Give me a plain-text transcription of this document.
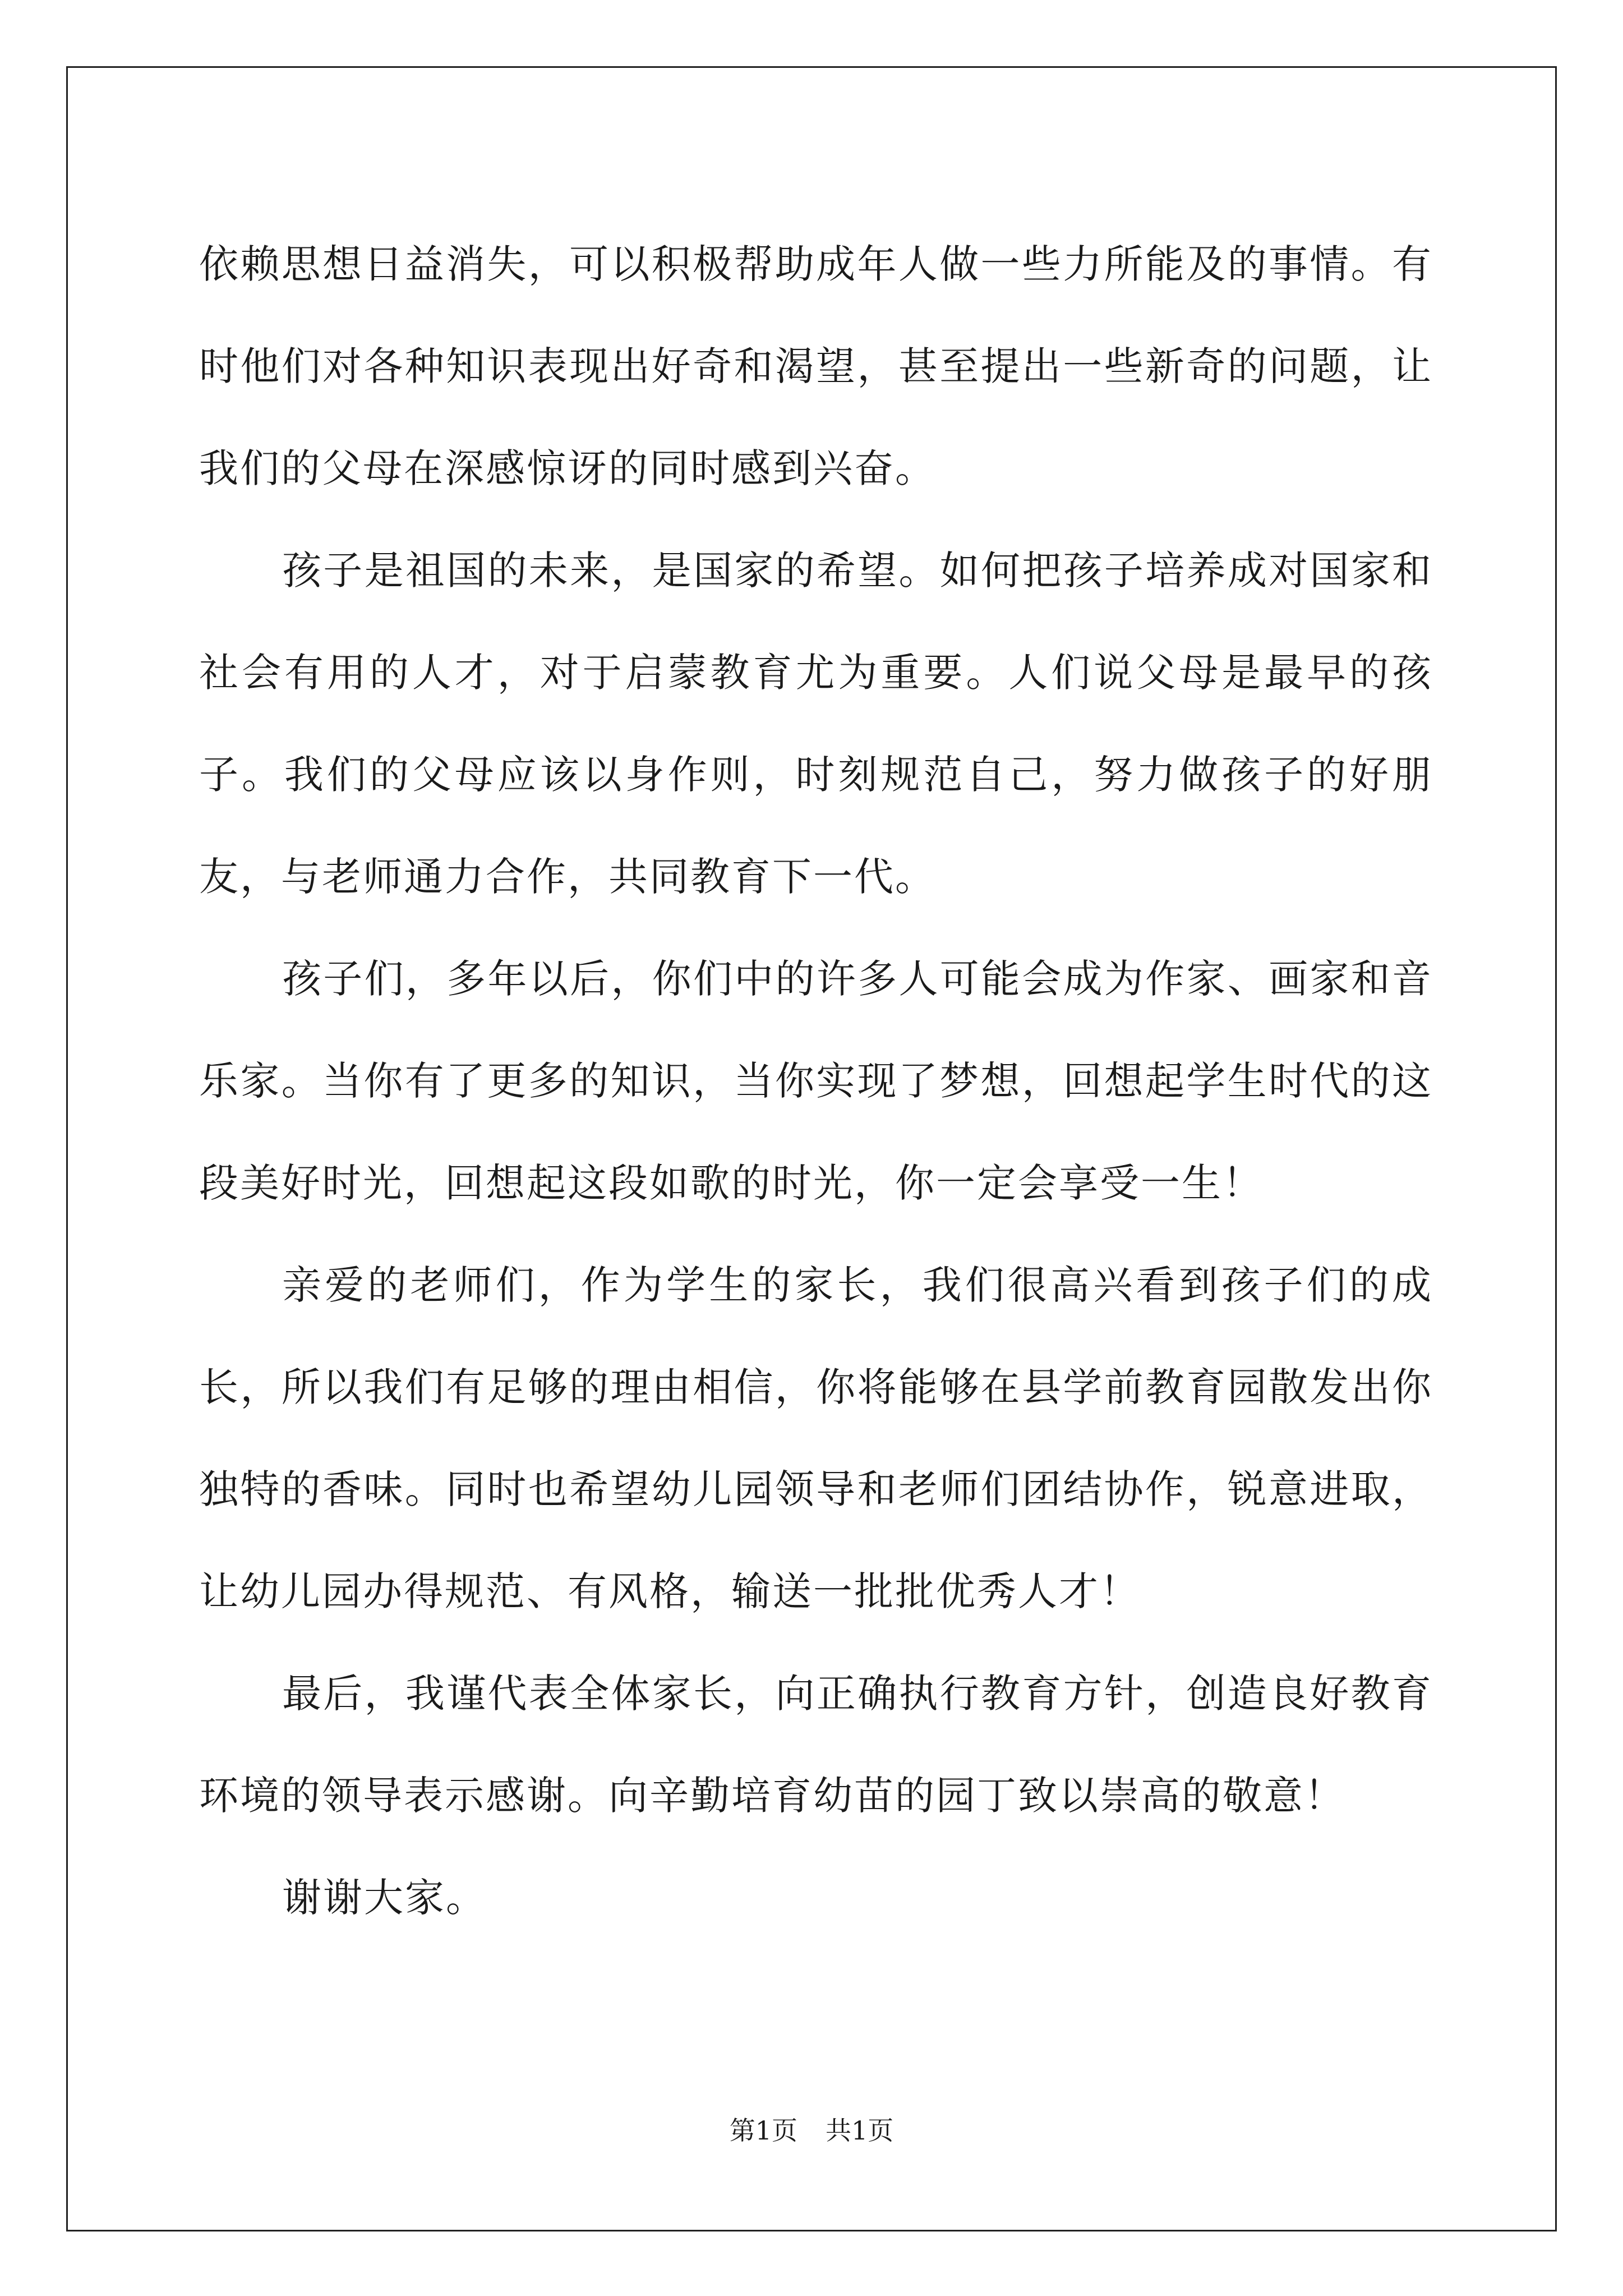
依赖思想日益消失，可以积极帮助成年人做一些力所能及的事情。有时他们对各种知识表现出好奇和渴望，甚至提出一些新奇的问题，让我们的父母在深感惊讶的同时感到兴奋。

孩子是祖国的未来，是国家的希望。如何把孩子培养成对国家和社会有用的人才，对于启蒙教育尤为重要。人们说父母是最早的孩子。我们的父母应该以身作则，时刻规范自己，努力做孩子的好朋友，与老师通力合作，共同教育下一代。

孩子们，多年以后，你们中的许多人可能会成为作家、画家和音乐家。当你有了更多的知识，当你实现了梦想，回想起学生时代的这段美好时光，回想起这段如歌的时光，你一定会享受一生！

亲爱的老师们，作为学生的家长，我们很高兴看到孩子们的成长，所以我们有足够的理由相信，你将能够在县学前教育园散发出你独特的香味。同时也希望幼儿园领导和老师们团结协作，锐意进取，让幼儿园办得规范、有风格，输送一批批优秀人才！

最后，我谨代表全体家长，向正确执行教育方针，创造良好教育环境的领导表示感谢。向辛勤培育幼苗的园丁致以崇高的敬意！

谢谢大家。

第1页 共1页
